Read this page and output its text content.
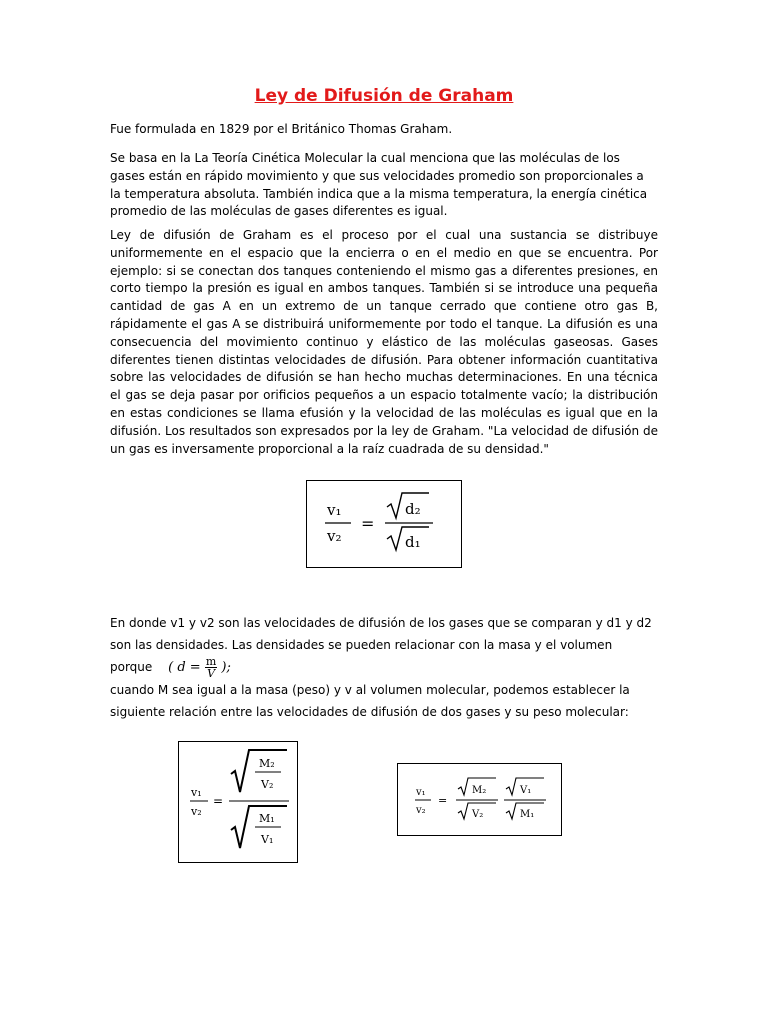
Ley de Difusión de Graham

Fue formulada en 1829 por el Británico Thomas Graham.

Se basa en la La Teoría Cinética Molecular la cual menciona que las moléculas de los gases están en rápido movimiento y que sus velocidades promedio son proporcionales a la temperatura absoluta. También indica que a la misma temperatura, la energía cinética promedio de las moléculas de gases diferentes es igual.

Ley de difusión de Graham es el proceso por el cual una sustancia se distribuye uniformemente en el espacio que la encierra o en el medio en que se encuentra. Por ejemplo: si se conectan dos tanques conteniendo el mismo gas a diferentes presiones, en corto tiempo la presión es igual en ambos tanques. También si se introduce una pequeña cantidad de gas A en un extremo de un tanque cerrado que contiene otro gas B, rápidamente el gas A se distribuirá uniformemente por todo el tanque. La difusión es una consecuencia del movimiento continuo y elástico de las moléculas gaseosas. Gases diferentes tienen distintas velocidades de difusión. Para obtener información cuantitativa sobre las velocidades de difusión se han hecho muchas determinaciones. En una técnica el gas se deja pasar por orificios pequeños a un espacio totalmente vacío; la distribución en estas condiciones se llama efusión y la velocidad de las moléculas es igual que en la difusión. Los resultados son expresados por la ley de Graham. "La velocidad de difusión de un gas es inversamente proporcional a la raíz cuadrada de su densidad."

v₁
v₂
=
d₂
d₁

En donde v1 y v2 son las velocidades de difusión de los gases que se comparan y d1 y d2 son las densidades. Las densidades se pueden relacionar con la masa y el volumen porque ( $d = \frac{m}{V}$ );
cuando M sea igual a la masa (peso) y v al volumen molecular, podemos establecer la siguiente relación entre las velocidades de difusión de dos gases y su peso molecular:

v₁
v₂
=
M₂
V₂
M₁
V₁
v₁
v₂
=
M₂
V₂
V₁
M₁
